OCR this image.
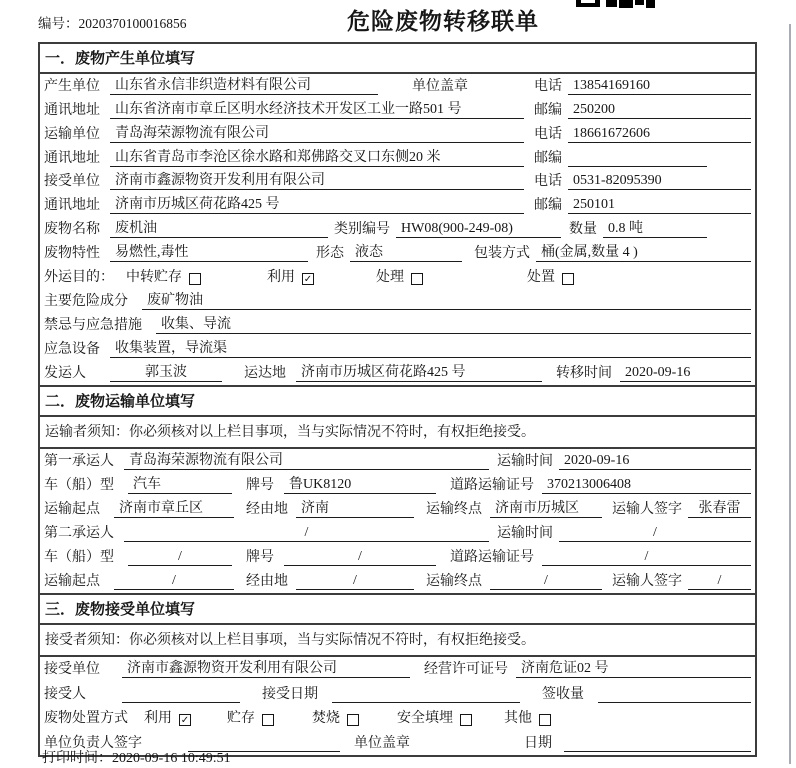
编号：2020370100016856	危险废物转移联单
一．废物产生单位填写
产生单位	山东省永信非织造材料有限公司	单位盖章	电话 13854169160
通讯地址	山东省济南市章丘区明水经济技术开发区工业一路501 号	邮编 250200
运输单位	青岛海荣源物流有限公司	电话 18661672606
通讯地址	山东省青岛市李沧区徐水路和郑佛路交叉口东侧20 米	邮编
接受单位	济南市鑫源物资开发利用有限公司	电话 0531-82095390
通讯地址	济南市历城区荷花路425 号	邮编 250101
废物名称	废机油	类别编号 HW08(900-249-08)	数量 0.8 吨
废物特性	易燃性,毒性	形态 液态	包装方式 桶(金属,数量 4 )
外运目的： 中转贮存	利用 ✓	处理	处置
主要危险成分	废矿物油
禁忌与应急措施	收集、导流
应急设备	收集装置，导流渠
发运人	郭玉波	运达地	济南市历城区荷花路425 号	转移时间 2020-09-16
二．废物运输单位填写
运输者须知：你必须核对以上栏目事项，当与实际情况不符时，有权拒绝接受。
第一承运人	青岛海荣源物流有限公司	运输时间 2020-09-16
车（船）型	汽车	牌号	鲁UK8120	道路运输证号 370213006408
运输起点	济南市章丘区	经由地 济南	运输终点 济南市历城区	运输人签字	张春雷
第二承运人	/	运输时间	/
车（船）型	/	牌号	/	道路运输证号	/
运输起点	/	经由地	/	运输终点	/	运输人签字	/
三．废物接受单位填写
接受者须知：你必须核对以上栏目事项，当与实际情况不符时，有权拒绝接受。
接受单位	济南市鑫源物资开发利用有限公司	经营许可证号 济南危证02 号
接受人	接受日期	签收量
废物处置方式 利用 ✓	贮存	焚烧	安全填埋	其他
单位负责人签字	单位盖章	日期
打印时间：2020-09-16 10:49:51
